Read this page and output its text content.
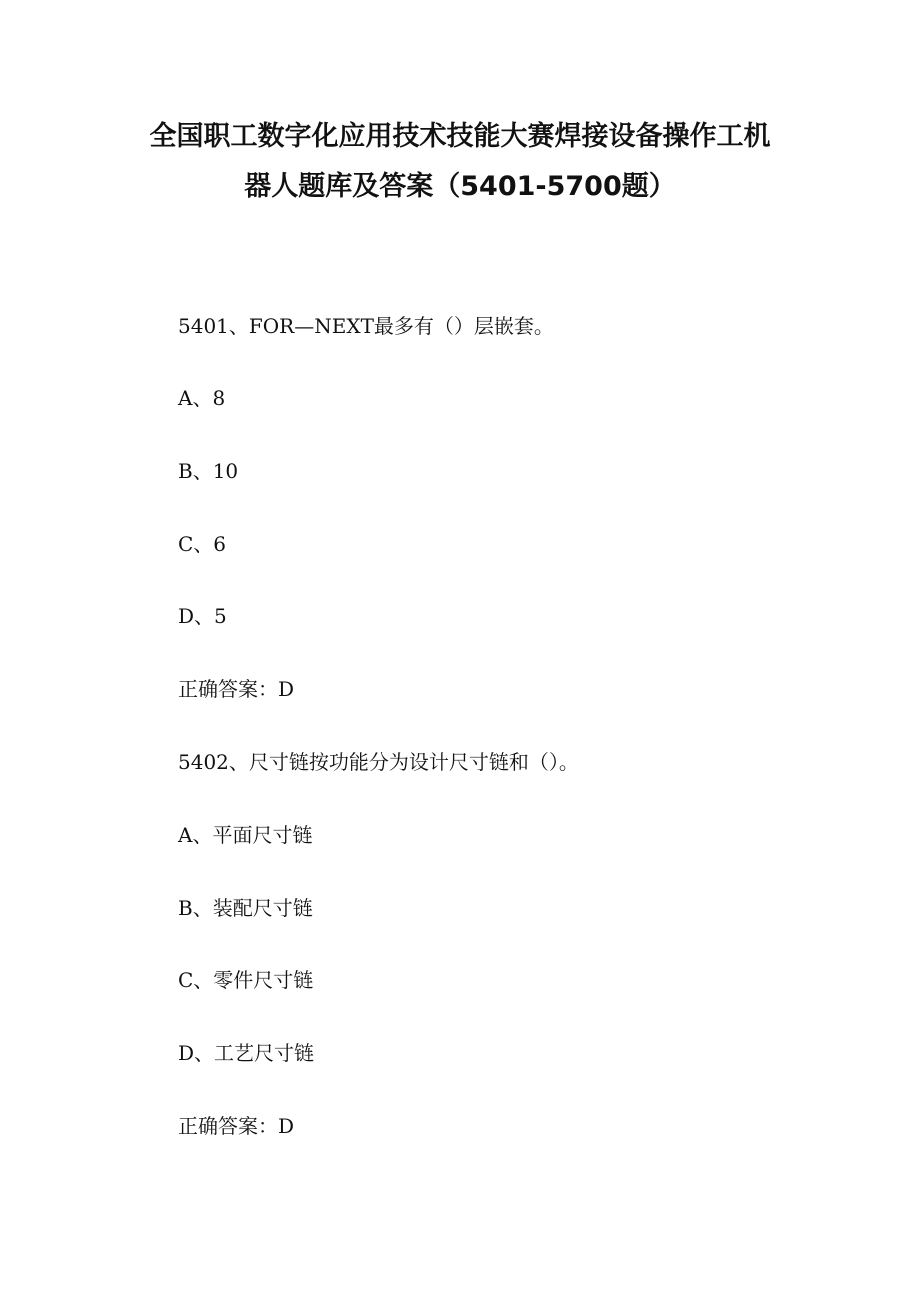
全国职工数字化应用技术技能大赛焊接设备操作工机
器人题库及答案（5401-5700题）
5401、FOR—NEXT最多有（）层嵌套。
A、8
B、10
C、6
D、5
正确答案：D
5402、尺寸链按功能分为设计尺寸链和（）。
A、平面尺寸链
B、装配尺寸链
C、零件尺寸链
D、工艺尺寸链
正确答案：D
